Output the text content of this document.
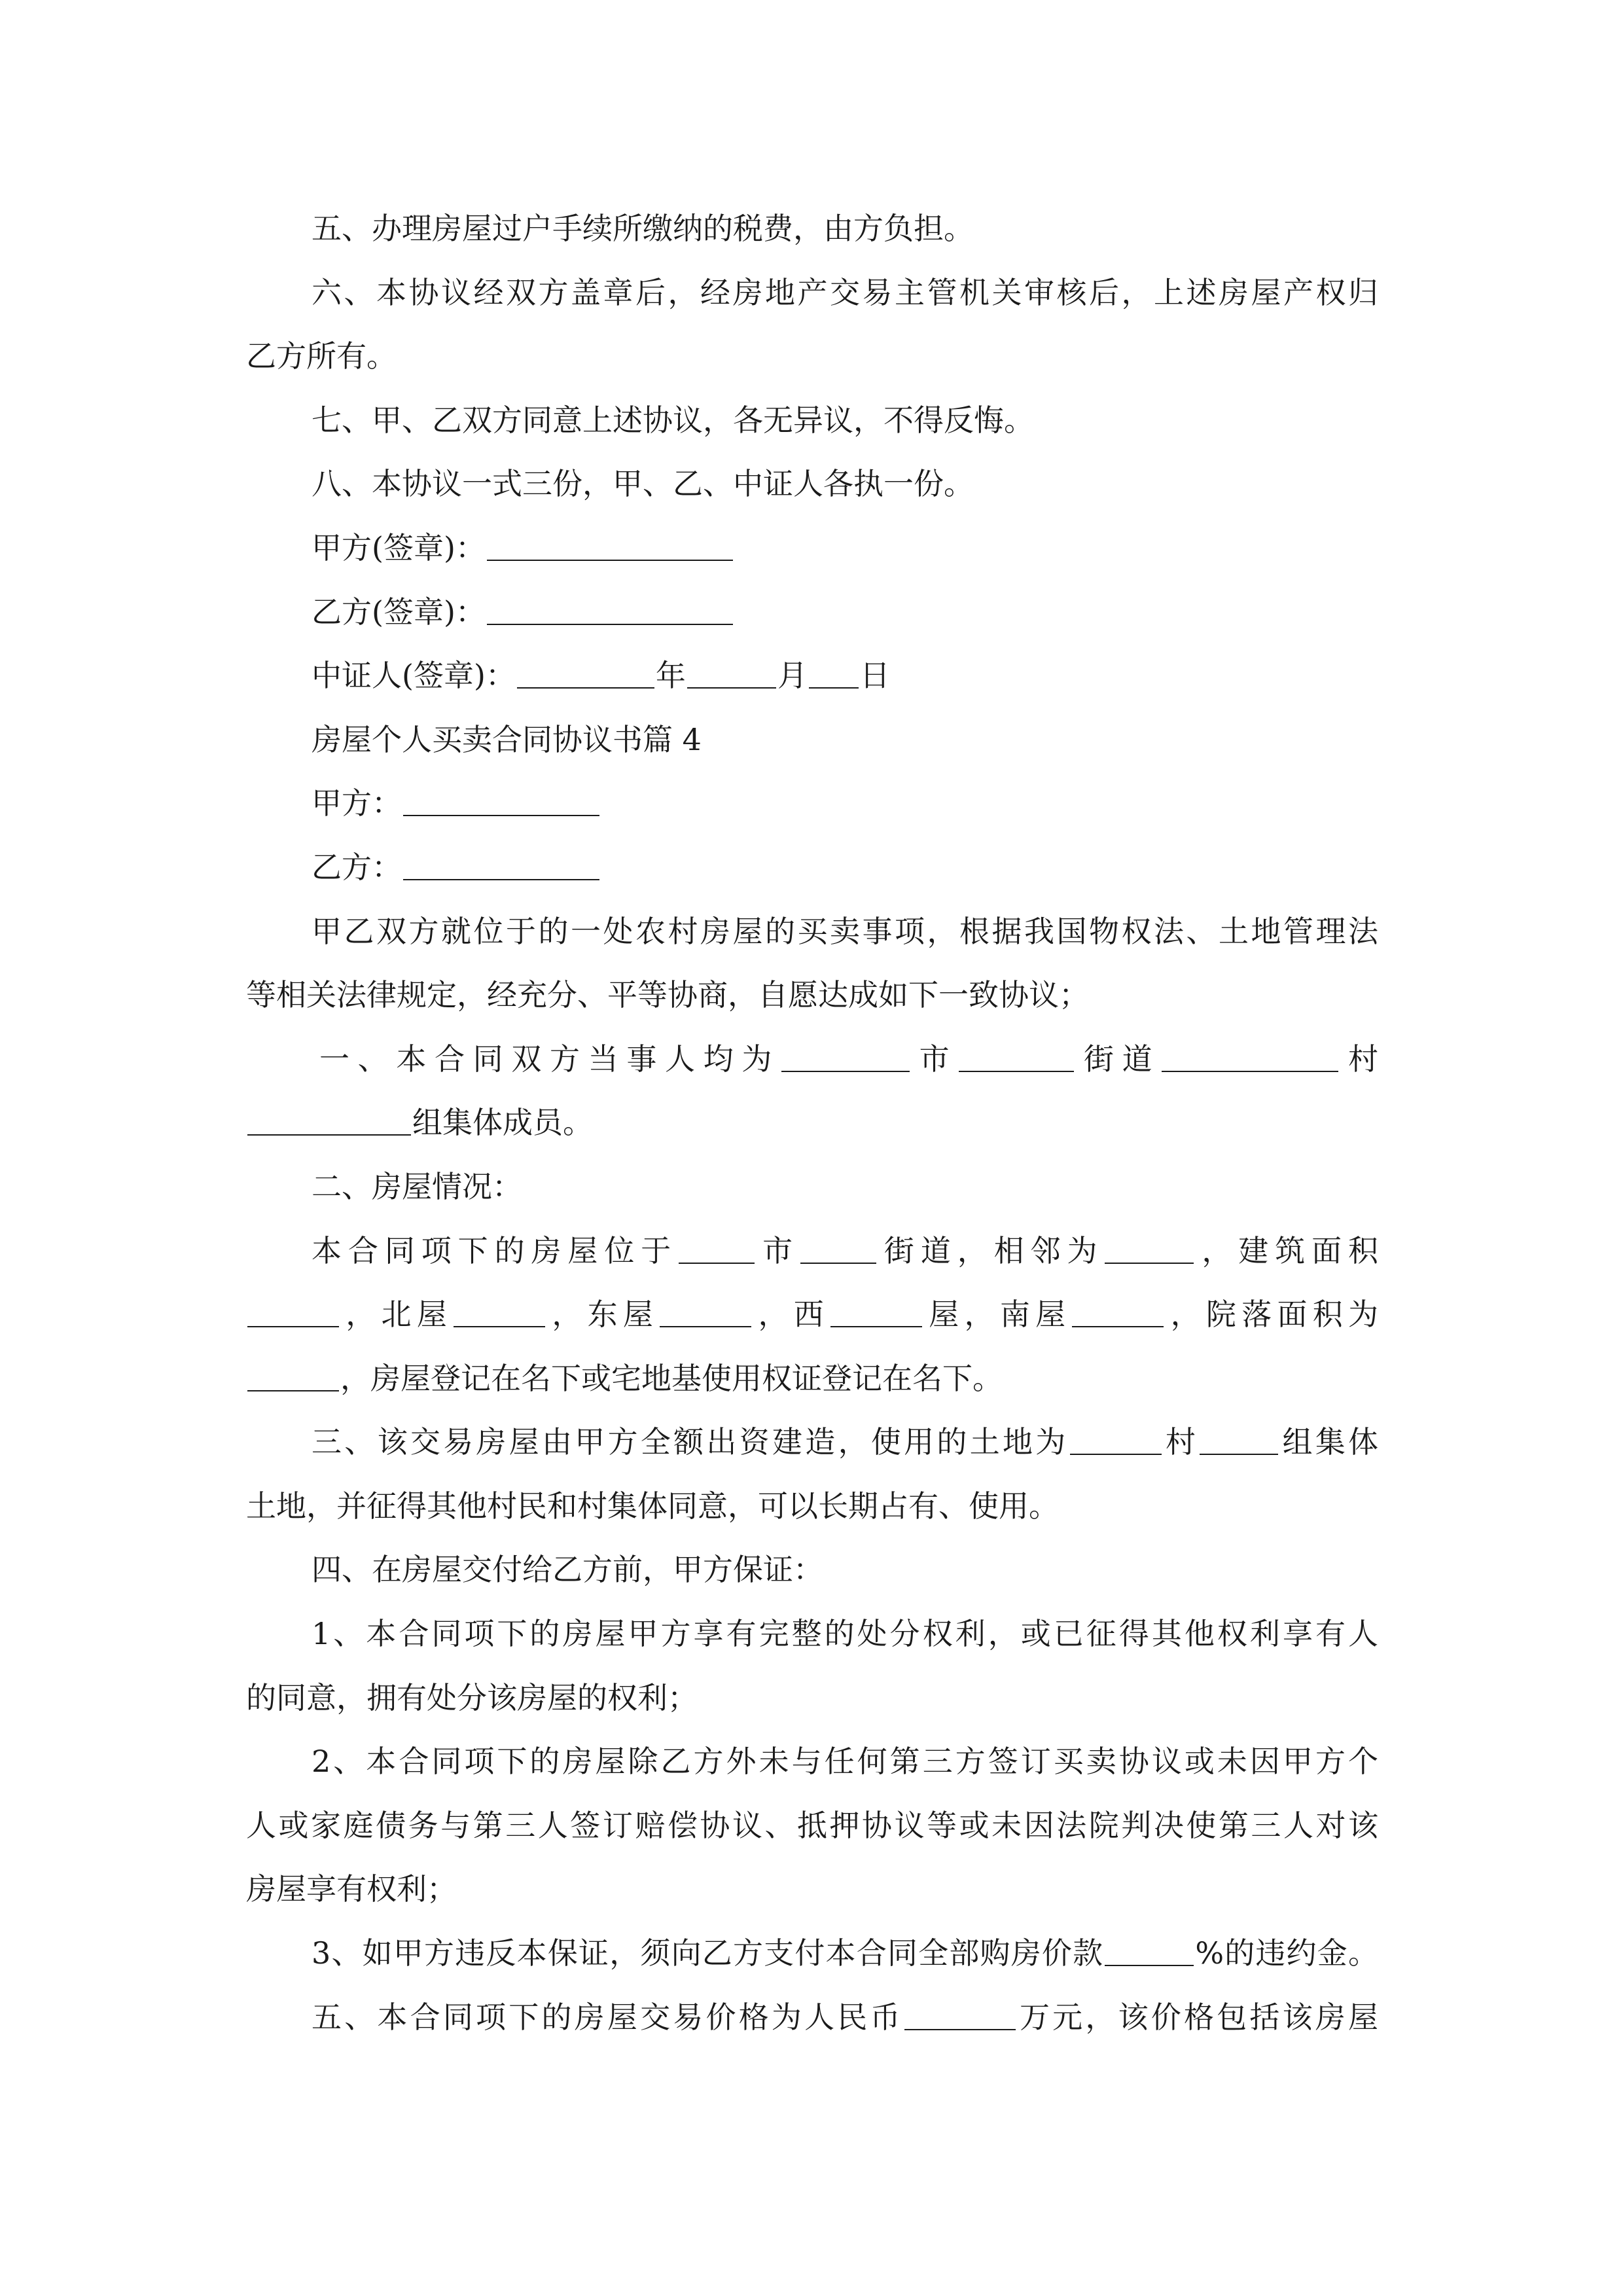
五、办理房屋过户手续所缴纳的税费，由方负担。
六、本协议经双方盖章后，经房地产交易主管机关审核后，上述房屋产权归
乙方所有。
七、甲、乙双方同意上述协议，各无异议，不得反悔。
八、本协议一式三份，甲、乙、中证人各执一份。
甲方(签章)：
乙方(签章)：
中证人(签章)：	年	月 日
房屋个人买卖合同协议书篇 4
甲方：
乙方：
甲乙双方就位于的一处农村房屋的买卖事项，根据我国物权法、土地管理法
等相关法律规定，经充分、平等协商，自愿达成如下一致协议；
一、本合同双方当事人均为	市	街道	村
组集体成员。
二、房屋情况：
本合同项下的房屋位于	市	街道，相邻为	，建筑面积
，北屋	，东屋	，西	屋，南屋	，院落面积为
，房屋登记在名下或宅地基使用权证登记在名下。
三、该交易房屋由甲方全额出资建造，使用的土地为	村	组集体
土地，并征得其他村民和村集体同意，可以长期占有、使用。
四、在房屋交付给乙方前，甲方保证：
1、本合同项下的房屋甲方享有完整的处分权利，或已征得其他权利享有人
的同意，拥有处分该房屋的权利；
2、本合同项下的房屋除乙方外未与任何第三方签订买卖协议或未因甲方个
人或家庭债务与第三人签订赔偿协议、抵押协议等或未因法院判决使第三人对该
房屋享有权利；
3、如甲方违反本保证，须向乙方支付本合同全部购房价款	%的违约金。
五、本合同项下的房屋交易价格为人民币	万元，该价格包括该房屋
